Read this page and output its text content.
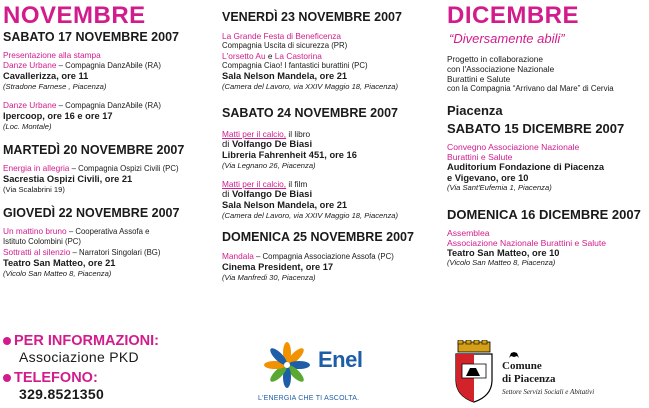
NOVEMBRE
SABATO 17 NOVEMBRE 2007
Presentazione alla stampa
Danze Urbane – Compagnia DanzAbile (RA)
Cavallerizza, ore 11
(Stradone Farnese , Piacenza)
Danze Urbane – Compagnia DanzAbile (RA)
Ipercoop, ore 16 e ore 17
(Loc. Montale)
MARTEDÌ 20 NOVEMBRE 2007
Energia in allegria – Compagnia Ospizi Civili (PC)
Sacrestia Ospizi Civili, ore 21
(Via Scalabrini 19)
GIOVEDÌ 22 NOVEMBRE 2007
Un mattino bruno – Cooperativa Assofa e
Istituto Colombini (PC)
Sottratti al silenzio – Narratori Singolari (BG)
Teatro San Matteo, ore 21
(Vicolo San Matteo 8, Piacenza)
VENERDÌ 23 NOVEMBRE 2007
La Grande Festa di Beneficenza
Compagnia Uscita di sicurezza (PR)
L'orsetto Au e La Castorina
Compagnia Ciao! I fantastici burattini (PC)
Sala Nelson Mandela, ore 21
(Camera del Lavoro, via XXIV Maggio 18, Piacenza)
SABATO 24 NOVEMBRE 2007
Matti per il calcio, il libro
di Volfango De Biasi
Libreria Fahrenheit 451, ore 16
(Via Legnano 26, Piacenza)
Matti per il calcio, il film
di Volfango De Biasi
Sala Nelson Mandela, ore 21
(Camera del Lavoro, via XXIV Maggio 18, Piacenza)
DOMENICA 25 NOVEMBRE 2007
Mandala – Compagnia Associazione Assofa (PC)
Cinema President, ore 17
(Via Manfredi 30, Piacenza)
DICEMBRE
“Diversamente abili”
Progetto in collaborazione
con l'Associazione Nazionale
Burattini e Salute
con la Compagnia “Arrivano dal Mare” di Cervia
Piacenza
SABATO 15 DICEMBRE 2007
Convegno Associazione Nazionale
Burattini e Salute
Auditorium Fondazione di Piacenza
e Vigevano, ore 10
(Via Sant'Eufemia 1, Piacenza)
DOMENICA 16 DICEMBRE 2007
Assemblea
Associazione Nazionale Burattini e Salute
Teatro San Matteo, ore 10
(Vicolo San Matteo 8, Piacenza)
PER INFORMAZIONI:
Associazione PKD
TELEFONO:
329.8521350
Enel
L'ENERGIA CHE TI ASCOLTA.
Comune
di Piacenza
Settore Servizi Sociali e Abitativi
